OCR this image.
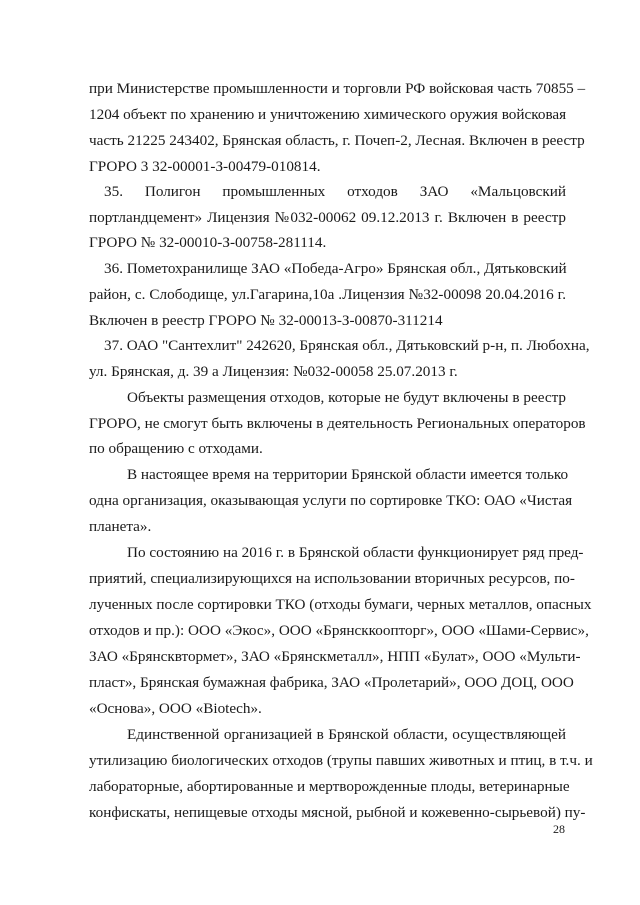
при Министерстве промышленности и торговли РФ войсковая часть 70855 –
1204 объект по хранению и уничтожению химического оружия войсковая
часть 21225 243402, Брянская область, г. Почеп-2, Лесная. Включен в реестр
ГРОРО 3 32-00001-З-00479-010814.
35. Полигон промышленных отходов ЗАО «Мальцовский
портландцемент» Лицензия №032-00062 09.12.2013 г. Включен в реестр
ГРОРО № 32-00010-З-00758-281114.
36. Пометохранилище ЗАО «Победа-Агро» Брянская обл., Дятьковский
район, с. Слободище, ул.Гагарина,10а .Лицензия №32-00098 20.04.2016 г.
Включен в реестр ГРОРО № 32-00013-З-00870-311214
37. ОАО "Сантехлит" 242620, Брянская обл., Дятьковский р-н, п. Любохна,
ул. Брянская, д. 39 а Лицензия: №032-00058 25.07.2013 г.
Объекты размещения отходов, которые не будут включены в реестр
ГРОРО, не смогут быть включены в деятельность Региональных операторов
по обращению с отходами.
В настоящее время на территории Брянской области имеется только
одна организация, оказывающая услуги по сортировке ТКО: ОАО «Чистая
планета».
По состоянию на 2016 г. в Брянской области функционирует ряд пред-
приятий, специализирующихся на использовании вторичных ресурсов, по-
лученных после сортировки ТКО (отходы бумаги, черных металлов, опасных
отходов и пр.): ООО «Экос», ООО «Брянсккоопторг», ООО «Шами-Сервис»,
ЗАО «Брянсквтормет», ЗАО «Брянскметалл», НПП «Булат», ООО «Мульти-
пласт», Брянская бумажная фабрика, ЗАО «Пролетарий», ООО ДОЦ, ООО
«Основа», ООО «Biotech».
Единственной организацией в Брянской области, осуществляющей
утилизацию биологических отходов (трупы павших животных и птиц, в т.ч. и
лабораторные, абортированные и мертворожденные плоды, ветеринарные
конфискаты, непищевые отходы мясной, рыбной и кожевенно-сырьевой) пу-
28
